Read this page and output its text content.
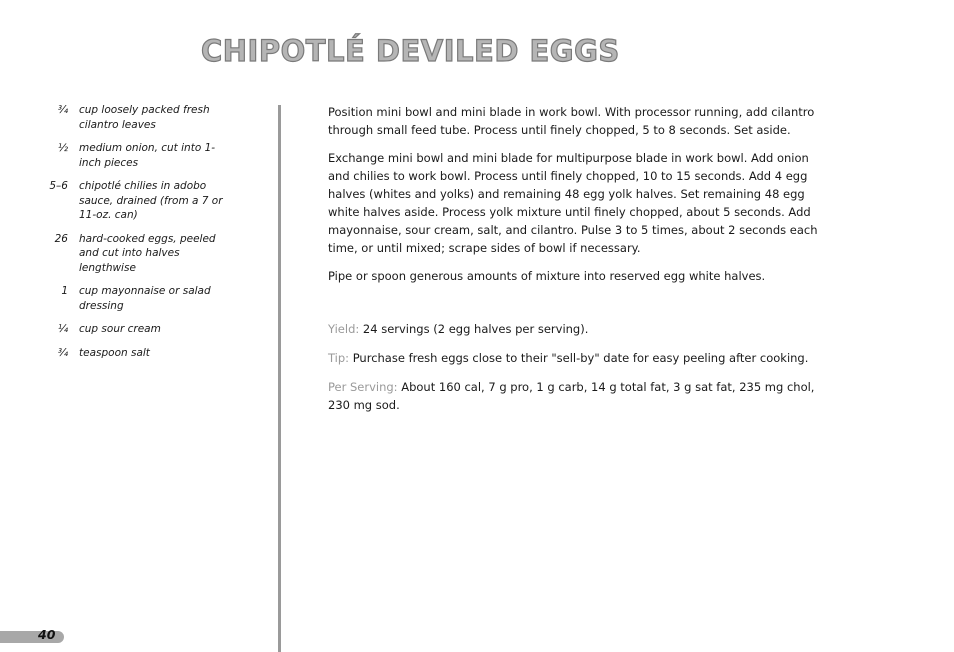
CHIPOTLÉ DEVILED EGGS
¾	cup loosely packed fresh cilantro leaves
½	medium onion, cut into 1-inch pieces
5–6	chipotlé chilies in adobo sauce, drained (from a 7 or 11-oz. can)
26	hard-cooked eggs, peeled and cut into halves lengthwise
1	cup mayonnaise or salad dressing
¼	cup sour cream
¾	teaspoon salt

Position mini bowl and mini blade in work bowl. With processor running, add cilantro through small feed tube. Process until finely chopped, 5 to 8 seconds. Set aside.

Exchange mini bowl and mini blade for multipurpose blade in work bowl. Add onion and chilies to work bowl. Process until finely chopped, 10 to 15 seconds. Add 4 egg halves (whites and yolks) and remaining 48 egg yolk halves. Set remaining 48 egg white halves aside. Process yolk mixture until finely chopped, about 5 seconds. Add mayonnaise, sour cream, salt, and cilantro. Pulse 3 to 5 times, about 2 seconds each time, or until mixed; scrape sides of bowl if necessary.

Pipe or spoon generous amounts of mixture into reserved egg white halves.

Yield: 24 servings (2 egg halves per serving).

Tip: Purchase fresh eggs close to their "sell-by" date for easy peeling after cooking.

Per Serving: About 160 cal, 7 g pro, 1 g carb, 14 g total fat, 3 g sat fat, 235 mg chol, 230 mg sod.

40
